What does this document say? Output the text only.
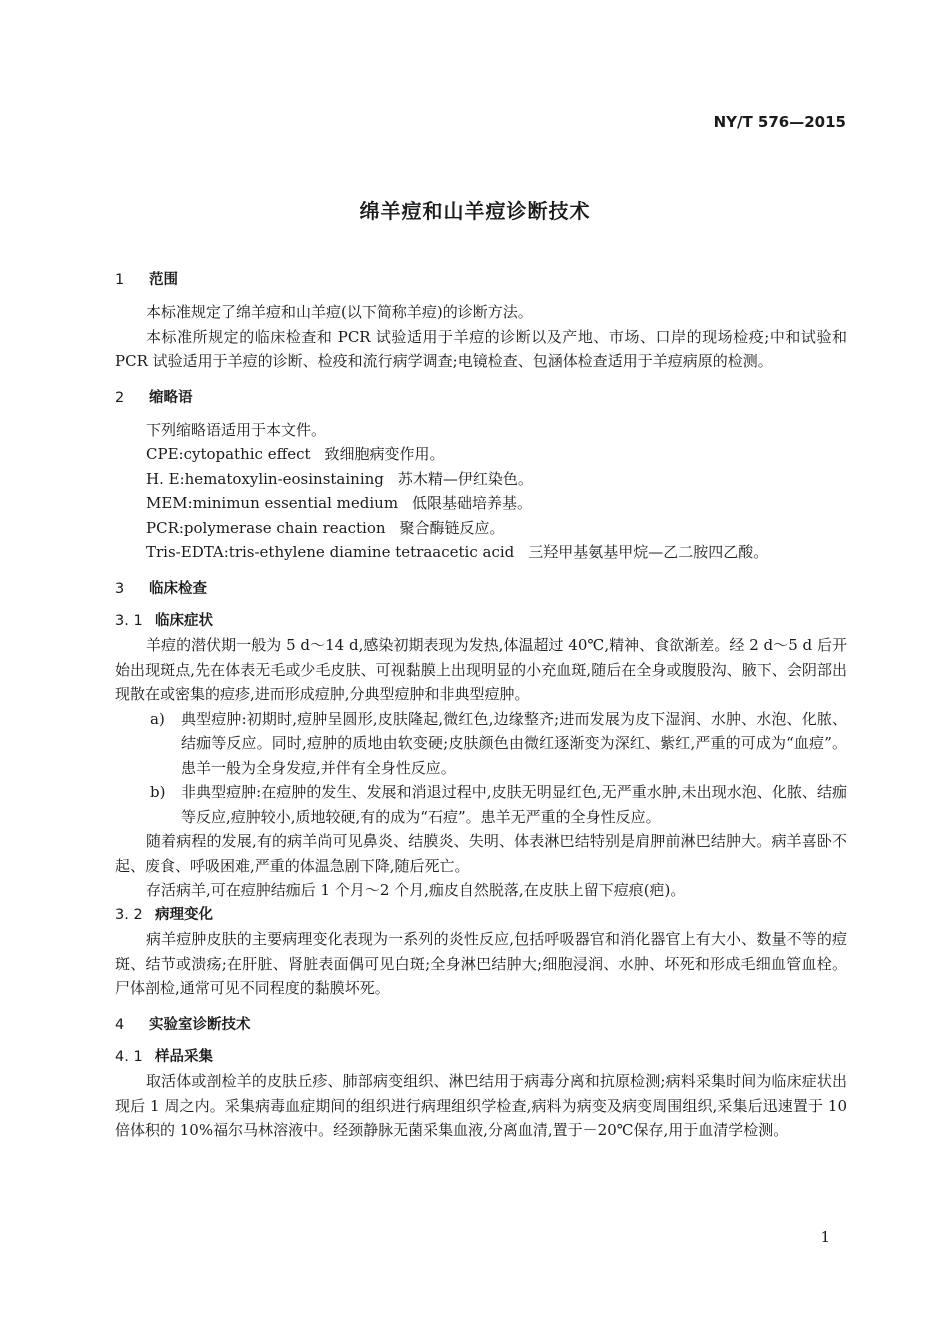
NY/T 576—2015
绵羊痘和山羊痘诊断技术
1 范围

本标准规定了绵羊痘和山羊痘(以下简称羊痘)的诊断方法。

本标准所规定的临床检查和 PCR 试验适用于羊痘的诊断以及产地、市场、口岸的现场检疫;中和试验和 PCR 试验适用于羊痘的诊断、检疫和流行病学调查;电镜检查、包涵体检查适用于羊痘病原的检测。

2 缩略语

下列缩略语适用于本文件。

CPE:cytopathic effect 致细胞病变作用。

H. E:hematoxylin-eosinstaining 苏木精—伊红染色。

MEM:minimun essential medium 低限基础培养基。

PCR:polymerase chain reaction 聚合酶链反应。

Tris-EDTA:tris-ethylene diamine tetraacetic acid 三羟甲基氨基甲烷—乙二胺四乙酸。

3 临床检查
3. 1 临床症状

羊痘的潜伏期一般为 5 d～14 d,感染初期表现为发热,体温超过 40℃,精神、食欲渐差。经 2 d～5 d 后开始出现斑点,先在体表无毛或少毛皮肤、可视黏膜上出现明显的小充血斑,随后在全身或腹股沟、腋下、会阴部出现散在或密集的痘疹,进而形成痘肿,分典型痘肿和非典型痘肿。

a) 典型痘肿:初期时,痘肿呈圆形,皮肤隆起,微红色,边缘整齐;进而发展为皮下湿润、水肿、水泡、化脓、结痂等反应。同时,痘肿的质地由软变硬;皮肤颜色由微红逐渐变为深红、紫红,严重的可成为“血痘”。患羊一般为全身发痘,并伴有全身性反应。

b) 非典型痘肿:在痘肿的发生、发展和消退过程中,皮肤无明显红色,无严重水肿,未出现水泡、化脓、结痂等反应,痘肿较小,质地较硬,有的成为“石痘”。患羊无严重的全身性反应。

随着病程的发展,有的病羊尚可见鼻炎、结膜炎、失明、体表淋巴结特别是肩胛前淋巴结肿大。病羊喜卧不起、废食、呼吸困难,严重的体温急剧下降,随后死亡。

存活病羊,可在痘肿结痂后 1 个月～2 个月,痂皮自然脱落,在皮肤上留下痘痕(疤)。

3. 2 病理变化

病羊痘肿皮肤的主要病理变化表现为一系列的炎性反应,包括呼吸器官和消化器官上有大小、数量不等的痘斑、结节或溃疡;在肝脏、肾脏表面偶可见白斑;全身淋巴结肿大;细胞浸润、水肿、坏死和形成毛细血管血栓。尸体剖检,通常可见不同程度的黏膜坏死。

4 实验室诊断技术
4. 1 样品采集

取活体或剖检羊的皮肤丘疹、肺部病变组织、淋巴结用于病毒分离和抗原检测;病料采集时间为临床症状出现后 1 周之内。采集病毒血症期间的组织进行病理组织学检查,病料为病变及病变周围组织,采集后迅速置于 10 倍体积的 10%福尔马林溶液中。经颈静脉无菌采集血液,分离血清,置于－20℃保存,用于血清学检测。

1
